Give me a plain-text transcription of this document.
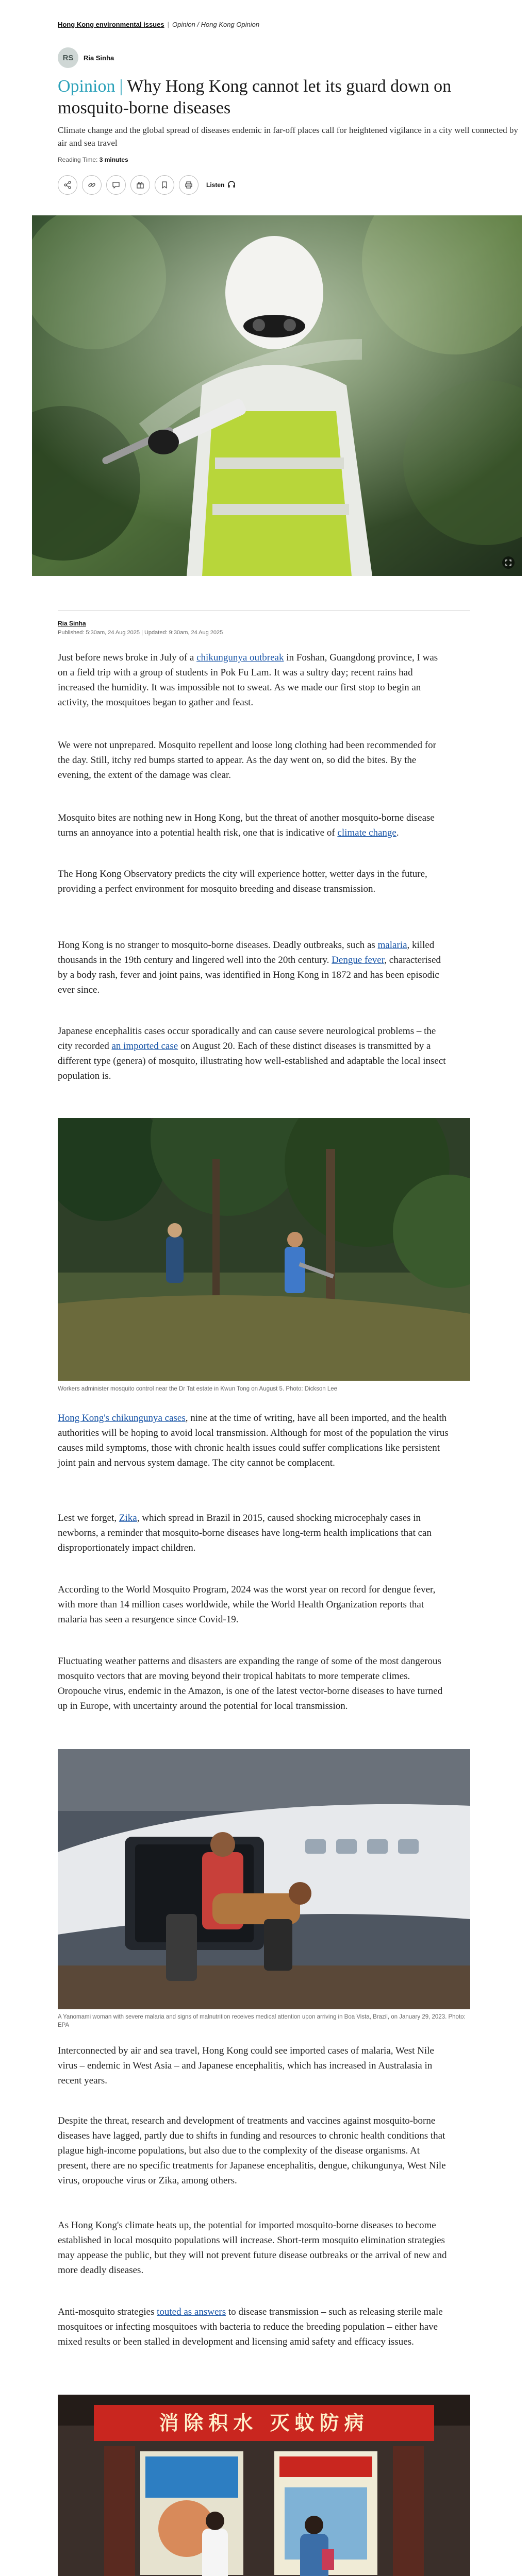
Hong Kong environmental issues | Opinion / Hong Kong Opinion
RS	Ria Sinha
Opinion | Why Hong Kong cannot let its guard down on mosquito-borne diseases

Climate change and the global spread of diseases endemic in far-off places call for heightened vigilance in a city well connected by air and sea travel

Reading Time: 3 minutes
Listen
Ria Sinha
Published: 5:30am, 24 Aug 2025 | Updated: 9:30am, 24 Aug 2025

Just before news broke in July of a chikungunya outbreak in Foshan, Guangdong province, I was on a field trip with a group of students in Pok Fu Lam. It was a sultry day; recent rains had increased the humidity. It was impossible not to sweat. As we made our first stop to begin an activity, the mosquitoes began to gather and feast.

We were not unprepared. Mosquito repellent and loose long clothing had been recommended for the day. Still, itchy red bumps started to appear. As the day went on, so did the bites. By the evening, the extent of the damage was clear.

Mosquito bites are nothing new in Hong Kong, but the threat of another mosquito-borne disease turns an annoyance into a potential health risk, one that is indicative of climate change.

The Hong Kong Observatory predicts the city will experience hotter, wetter days in the future, providing a perfect environment for mosquito breeding and disease transmission.

Hong Kong is no stranger to mosquito-borne diseases. Deadly outbreaks, such as malaria, killed thousands in the 19th century and lingered well into the 20th century. Dengue fever, characterised by a body rash, fever and joint pains, was identified in Hong Kong in 1872 and has been episodic ever since.

Japanese encephalitis cases occur sporadically and can cause severe neurological problems – the city recorded an imported case on August 20. Each of these distinct diseases is transmitted by a different type (genera) of mosquito, illustrating how well-established and adaptable the local insect population is.

Workers administer mosquito control near the Dr Tat estate in Kwun Tong on August 5. Photo: Dickson Lee

Hong Kong's chikungunya cases, nine at the time of writing, have all been imported, and the health authorities will be hoping to avoid local transmission. Although for most of the population the virus causes mild symptoms, those with chronic health issues could suffer complications like persistent joint pain and nervous system damage. The city cannot be complacent.

Lest we forget, Zika, which spread in Brazil in 2015, caused shocking microcephaly cases in newborns, a reminder that mosquito-borne diseases have long-term health implications that can disproportionately impact children.

According to the World Mosquito Program, 2024 was the worst year on record for dengue fever, with more than 14 million cases worldwide, while the World Health Organization reports that malaria has seen a resurgence since Covid-19.

Fluctuating weather patterns and disasters are expanding the range of some of the most dangerous mosquito vectors that are moving beyond their tropical habitats to more temperate climes. Oropouche virus, endemic in the Amazon, is one of the latest vector-borne diseases to have turned up in Europe, with uncertainty around the potential for local transmission.

A Yanomami woman with severe malaria and signs of malnutrition receives medical attention upon arriving in Boa Vista, Brazil, on January 29, 2023. Photo: EPA

Interconnected by air and sea travel, Hong Kong could see imported cases of malaria, West Nile virus – endemic in West Asia – and Japanese encephalitis, which has increased in Australasia in recent years.

Despite the threat, research and development of treatments and vaccines against mosquito-borne diseases have lagged, partly due to shifts in funding and resources to chronic health conditions that plague high-income populations, but also due to the complexity of the disease organisms. At present, there are no specific treatments for Japanese encephalitis, dengue, chikungunya, West Nile virus, oropouche virus or Zika, among others.

As Hong Kong's climate heats up, the potential for imported mosquito-borne diseases to become established in local mosquito populations will increase. Short-term mosquito elimination strategies may appease the public, but they will not prevent future disease outbreaks or the arrival of new and more deadly diseases.

Anti-mosquito strategies touted as answers to disease transmission – such as releasing sterile male mosquitoes or infecting mosquitoes with bacteria to reduce the breeding population – either have mixed results or been stalled in development and licensing amid safety and efficacy issues.

消除积水 灭蚊防病
